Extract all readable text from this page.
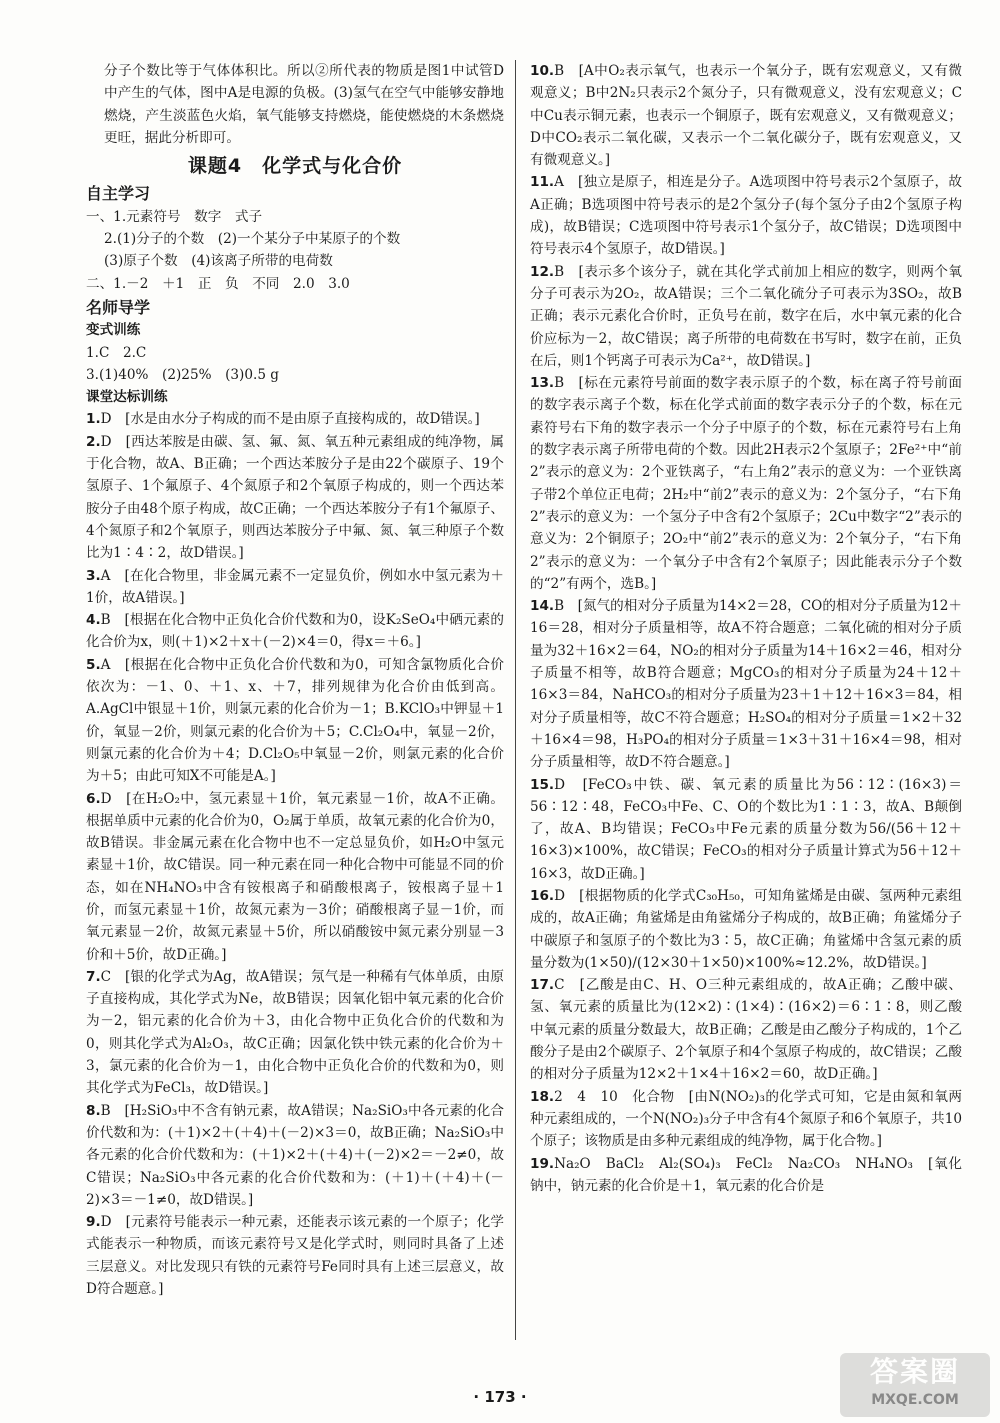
分子个数比等于气体体积比。所以②所代表的物质是图1中试管D中产生的气体，图中A是电源的负极。(3)氢气在空气中能够安静地燃烧，产生淡蓝色火焰，氧气能够支持燃烧，能使燃烧的木条燃烧更旺，据此分析即可。

课题4　化学式与化合价
自主学习

一、1.元素符号　数字　式子

2.(1)分子的个数　(2)一个某分子中某原子的个数

(3)原子个数　(4)该离子所带的电荷数

二、1.－2　＋1　正　负　不同　2.0　3.0

名师导学
变式训练

1.C　2.C

3.(1)40%　(2)25%　(3)0.5 g

课堂达标训练

1.D　[水是由水分子构成的而不是由原子直接构成的，故D错误。]

2.D　[西达苯胺是由碳、氢、氟、氮、氧五种元素组成的纯净物，属于化合物，故A、B正确；一个西达苯胺分子是由22个碳原子、19个氢原子、1个氟原子、4个氮原子和2个氧原子构成的，则一个西达苯胺分子由48个原子构成，故C正确；一个西达苯胺分子有1个氟原子、4个氮原子和2个氧原子，则西达苯胺分子中氟、氮、氧三种原子个数比为1∶4∶2，故D错误。]

3.A　[在化合物里，非金属元素不一定显负价，例如水中氢元素为＋1价，故A错误。]

4.B　[根据在化合物中正负化合价代数和为0，设K₂SeO₄中硒元素的化合价为x，则(＋1)×2＋x＋(－2)×4＝0，得x＝＋6。]

5.A　[根据在化合物中正负化合价代数和为0，可知含氯物质化合价依次为：－1、0、＋1、x、＋7，排列规律为化合价由低到高。A.AgCl中银显＋1价，则氯元素的化合价为－1；B.KClO₃中钾显＋1价，氧显－2价，则氯元素的化合价为＋5；C.Cl₂O₄中，氧显－2价，则氯元素的化合价为＋4；D.Cl₂O₅中氧显－2价，则氯元素的化合价为＋5；由此可知X不可能是A。]

6.D　[在H₂O₂中，氢元素显＋1价，氧元素显－1价，故A不正确。根据单质中元素的化合价为0，O₂属于单质，故氧元素的化合价为0，故B错误。非金属元素在化合物中也不一定总显负价，如H₂O中氢元素显＋1价，故C错误。同一种元素在同一种化合物中可能显不同的价态，如在NH₄NO₃中含有铵根离子和硝酸根离子，铵根离子显＋1价，而氢元素显＋1价，故氮元素为－3价；硝酸根离子显－1价，而氧元素显－2价，故氮元素显＋5价，所以硝酸铵中氮元素分别显－3价和＋5价，故D正确。]

7.C　[银的化学式为Ag，故A错误；氖气是一种稀有气体单质，由原子直接构成，其化学式为Ne，故B错误；因氧化铝中氧元素的化合价为－2，铝元素的化合价为＋3，由化合物中正负化合价的代数和为0，则其化学式为Al₂O₃，故C正确；因氯化铁中铁元素的化合价为＋3，氯元素的化合价为－1，由化合物中正负化合价的代数和为0，则其化学式为FeCl₃，故D错误。]

8.B　[H₂SiO₃中不含有钠元素，故A错误；Na₂SiO₃中各元素的化合价代数和为：(＋1)×2＋(＋4)＋(－2)×3＝0，故B正确；Na₂SiO₃中各元素的化合价代数和为：(＋1)×2＋(＋4)＋(－2)×2＝－2≠0，故C错误；Na₂SiO₃中各元素的化合价代数和为：(＋1)＋(＋4)＋(－2)×3＝－1≠0，故D错误。]

9.D　[元素符号能表示一种元素，还能表示该元素的一个原子；化学式能表示一种物质，而该元素符号又是化学式时，则同时具备了上述三层意义。对比发现只有铁的元素符号Fe同时具有上述三层意义，故D符合题意。]

10.B　[A中O₂表示氧气，也表示一个氧分子，既有宏观意义，又有微观意义；B中2N₂只表示2个氮分子，只有微观意义，没有宏观意义；C中Cu表示铜元素，也表示一个铜原子，既有宏观意义，又有微观意义；D中CO₂表示二氧化碳，又表示一个二氧化碳分子，既有宏观意义，又有微观意义。]

11.A　[独立是原子，相连是分子。A选项图中符号表示2个氢原子，故A正确；B选项图中符号表示的是2个氢分子(每个氢分子由2个氢原子构成)，故B错误；C选项图中符号表示1个氢分子，故C错误；D选项图中符号表示4个氢原子，故D错误。]

12.B　[表示多个该分子，就在其化学式前加上相应的数字，则两个氧分子可表示为2O₂，故A错误；三个二氧化硫分子可表示为3SO₂，故B正确；表示元素化合价时，正负号在前，数字在后，水中氧元素的化合价应标为－2，故C错误；离子所带的电荷数在书写时，数字在前，正负在后，则1个钙离子可表示为Ca²⁺，故D错误。]

13.B　[标在元素符号前面的数字表示原子的个数，标在离子符号前面的数字表示离子个数，标在化学式前面的数字表示分子的个数，标在元素符号右下角的数字表示一个分子中原子的个数，标在元素符号右上角的数字表示离子所带电荷的个数。因此2H表示2个氢原子；2Fe²⁺中“前2”表示的意义为：2个亚铁离子，“右上角2”表示的意义为：一个亚铁离子带2个单位正电荷；2H₂中“前2”表示的意义为：2个氢分子，“右下角2”表示的意义为：一个氢分子中含有2个氢原子；2Cu中数字“2”表示的意义为：2个铜原子；2O₂中“前2”表示的意义为：2个氧分子，“右下角2”表示的意义为：一个氧分子中含有2个氧原子；因此能表示分子个数的“2”有两个，选B。]

14.B　[氮气的相对分子质量为14×2＝28，CO的相对分子质量为12＋16＝28，相对分子质量相等，故A不符合题意；二氧化硫的相对分子质量为32＋16×2＝64，NO₂的相对分子质量为14＋16×2＝46，相对分子质量不相等，故B符合题意；MgCO₃的相对分子质量为24＋12＋16×3＝84，NaHCO₃的相对分子质量为23＋1＋12＋16×3＝84，相对分子质量相等，故C不符合题意；H₂SO₄的相对分子质量＝1×2＋32＋16×4＝98，H₃PO₄的相对分子质量＝1×3＋31＋16×4＝98，相对分子质量相等，故D不符合题意。]

15.D　[FeCO₃中铁、碳、氧元素的质量比为56∶12∶(16×3)＝56∶12∶48，FeCO₃中Fe、C、O的个数比为1∶1∶3，故A、B颠倒了，故A、B均错误；FeCO₃中Fe元素的质量分数为56/(56＋12＋16×3)×100%，故C错误；FeCO₃的相对分子质量计算式为56＋12＋16×3，故D正确。]

16.D　[根据物质的化学式C₃₀H₅₀，可知角鲨烯是由碳、氢两种元素组成的，故A正确；角鲨烯是由角鲨烯分子构成的，故B正确；角鲨烯分子中碳原子和氢原子的个数比为3∶5，故C正确；角鲨烯中含氢元素的质量分数为(1×50)/(12×30＋1×50)×100%≈12.2%，故D错误。]

17.C　[乙酸是由C、H、O三种元素组成的，故A正确；乙酸中碳、氢、氧元素的质量比为(12×2)∶(1×4)∶(16×2)＝6∶1∶8，则乙酸中氧元素的质量分数最大，故B正确；乙酸是由乙酸分子构成的，1个乙酸分子是由2个碳原子、2个氧原子和4个氢原子构成的，故C错误；乙酸的相对分子质量为12×2＋1×4＋16×2＝60，故D正确。]

18.2　4　10　化合物　[由N(NO₂)₃的化学式可知，它是由氮和氧两种元素组成的，一个N(NO₂)₃分子中含有4个氮原子和6个氧原子，共10个原子；该物质是由多种元素组成的纯净物，属于化合物。]

19.Na₂O　BaCl₂　Al₂(SO₄)₃　FeCl₂　Na₂CO₃　NH₄NO₃　[氧化钠中，钠元素的化合价是＋1，氧元素的化合价是

· 173 ·
答案圈
MXQE.COM
